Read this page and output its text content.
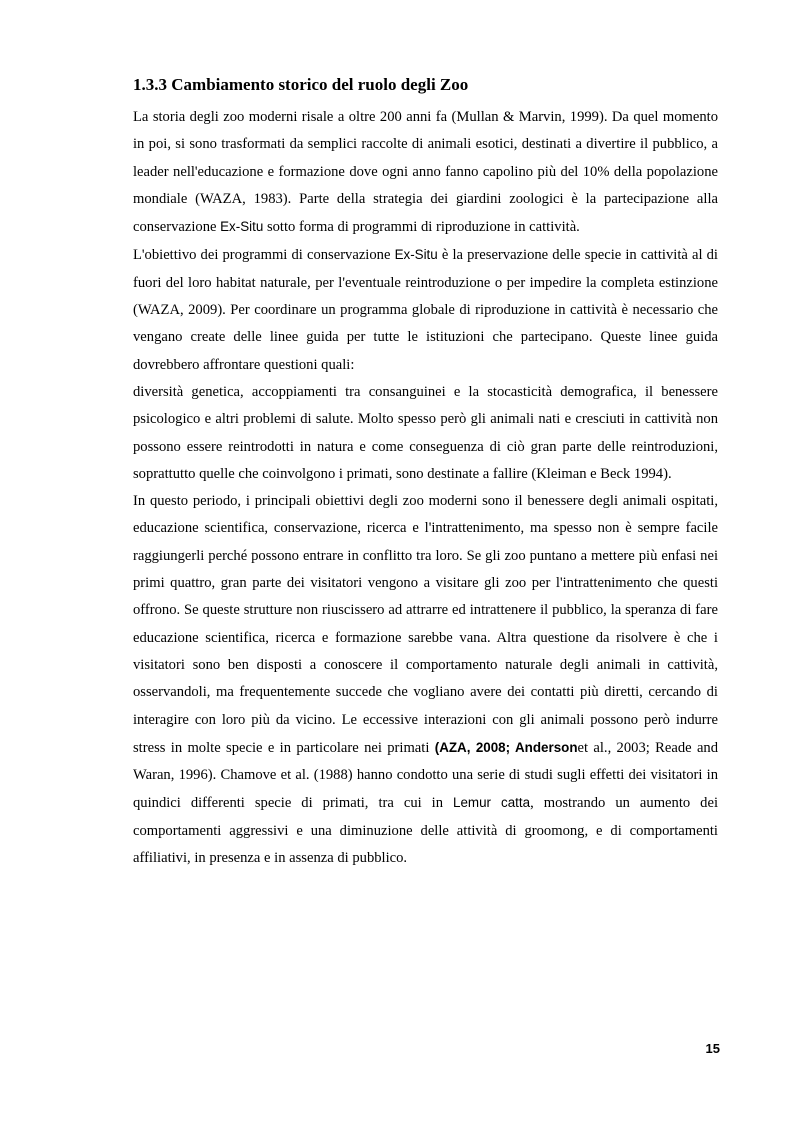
1.3.3 Cambiamento storico del ruolo degli Zoo

La storia degli zoo moderni risale a oltre 200 anni fa (Mullan & Marvin, 1999). Da quel momento in poi, si sono trasformati da semplici raccolte di animali esotici, destinati a divertire il pubblico, a leader nell'educazione e formazione dove ogni anno fanno capolino più del 10% della popolazione mondiale (WAZA, 1983). Parte della strategia dei giardini zoologici è la partecipazione alla conservazione Ex-Situ sotto forma di programmi di riproduzione in cattività.

L'obiettivo dei programmi di conservazione Ex-Situ è la preservazione delle specie in cattività al di fuori del loro habitat naturale, per l'eventuale reintroduzione o per impedire la completa estinzione (WAZA, 2009). Per coordinare un programma globale di riproduzione in cattività è necessario che vengano create delle linee guida per tutte le istituzioni che partecipano. Queste linee guida dovrebbero affrontare questioni quali:

diversità genetica, accoppiamenti tra consanguinei e la stocasticità demografica, il benessere psicologico e altri problemi di salute. Molto spesso però gli animali nati e cresciuti in cattività non possono essere reintrodotti in natura e come conseguenza di ciò gran parte delle reintroduzioni, soprattutto quelle che coinvolgono i primati, sono destinate a fallire (Kleiman e Beck 1994).

In questo periodo, i principali obiettivi degli zoo moderni sono il benessere degli animali ospitati, educazione scientifica, conservazione, ricerca e l'intrattenimento, ma spesso non è sempre facile raggiungerli perché possono entrare in conflitto tra loro. Se gli zoo puntano a mettere più enfasi nei primi quattro, gran parte dei visitatori vengono a visitare gli zoo per l'intrattenimento che questi offrono. Se queste strutture non riuscissero ad attrarre ed intrattenere il pubblico, la speranza di fare educazione scientifica, ricerca e formazione sarebbe vana. Altra questione da risolvere è che i visitatori sono ben disposti a conoscere il comportamento naturale degli animali in cattività, osservandoli, ma frequentemente succede che vogliano avere dei contatti più diretti, cercando di interagire con loro più da vicino. Le eccessive interazioni con gli animali possono però indurre stress in molte specie e in particolare nei primati (AZA, 2008; Andersonet al., 2003; Reade and Waran, 1996). Chamove et al. (1988) hanno condotto una serie di studi sugli effetti dei visitatori in quindici differenti specie di primati, tra cui in Lemur catta, mostrando un aumento dei comportamenti aggressivi e una diminuzione delle attività di groomong, e di comportamenti affiliativi, in presenza e in assenza di pubblico.

15
